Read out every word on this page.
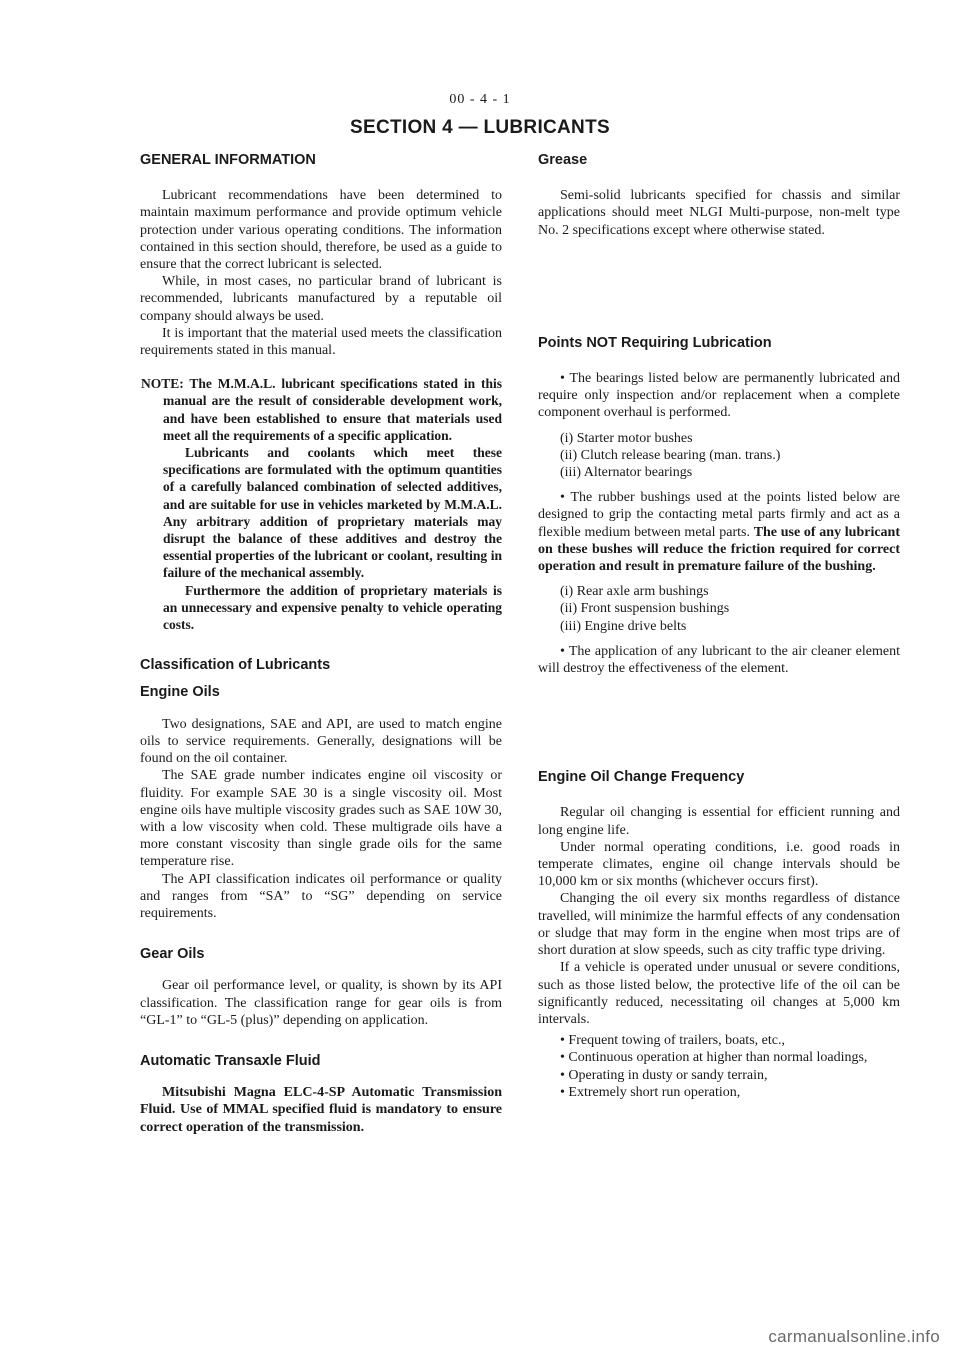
00 - 4 - 1
SECTION 4 — LUBRICANTS
GENERAL INFORMATION

Lubricant recommendations have been determined to maintain maximum performance and provide optimum vehicle protection under various operating conditions. The information contained in this section should, therefore, be used as a guide to ensure that the correct lubricant is selected.

While, in most cases, no particular brand of lubricant is recommended, lubricants manufactured by a reputable oil company should always be used.

It is important that the material used meets the classification requirements stated in this manual.

NOTE: The M.M.A.L. lubricant specifications stated in this manual are the result of considerable development work, and have been established to ensure that materials used meet all the requirements of a specific application.

Lubricants and coolants which meet these specifications are formulated with the optimum quantities of a carefully balanced combination of selected additives, and are suitable for use in vehicles marketed by M.M.A.L. Any arbitrary addition of proprietary materials may disrupt the balance of these additives and destroy the essential properties of the lubricant or coolant, resulting in failure of the mechanical assembly.

Furthermore the addition of proprietary materials is an unnecessary and expensive penalty to vehicle operating costs.

Classification of Lubricants
Engine Oils

Two designations, SAE and API, are used to match engine oils to service requirements. Generally, designations will be found on the oil container.

The SAE grade number indicates engine oil viscosity or fluidity. For example SAE 30 is a single viscosity oil. Most engine oils have multiple viscosity grades such as SAE 10W 30, with a low viscosity when cold. These multigrade oils have a more constant viscosity than single grade oils for the same temperature rise.

The API classification indicates oil performance or quality and ranges from “SA” to “SG” depending on service requirements.

Gear Oils

Gear oil performance level, or quality, is shown by its API classification. The classification range for gear oils is from “GL-1” to “GL-5 (plus)” depending on application.

Automatic Transaxle Fluid

Mitsubishi Magna ELC-4-SP Automatic Transmission Fluid. Use of MMAL specified fluid is mandatory to ensure correct operation of the transmission.

Grease

Semi-solid lubricants specified for chassis and similar applications should meet NLGI Multi-purpose, non-melt type No. 2 specifications except where otherwise stated.

Points NOT Requiring Lubrication

• The bearings listed below are permanently lubricated and require only inspection and/or replacement when a complete component overhaul is performed.

(i) Starter motor bushes
(ii) Clutch release bearing (man. trans.)
(iii) Alternator bearings

• The rubber bushings used at the points listed below are designed to grip the contacting metal parts firmly and act as a flexible medium between metal parts. The use of any lubricant on these bushes will reduce the friction required for correct operation and result in premature failure of the bushing.

(i) Rear axle arm bushings
(ii) Front suspension bushings
(iii) Engine drive belts

• The application of any lubricant to the air cleaner element will destroy the effectiveness of the element.

Engine Oil Change Frequency

Regular oil changing is essential for efficient running and long engine life.

Under normal operating conditions, i.e. good roads in temperate climates, engine oil change intervals should be 10,000 km or six months (whichever occurs first).

Changing the oil every six months regardless of distance travelled, will minimize the harmful effects of any condensation or sludge that may form in the engine when most trips are of short duration at slow speeds, such as city traffic type driving.

If a vehicle is operated under unusual or severe conditions, such as those listed below, the protective life of the oil can be significantly reduced, necessitating oil changes at 5,000 km intervals.

• Frequent towing of trailers, boats, etc.,

• Continuous operation at higher than normal loadings,

• Operating in dusty or sandy terrain,

• Extremely short run operation,

carmanualsonline.info
